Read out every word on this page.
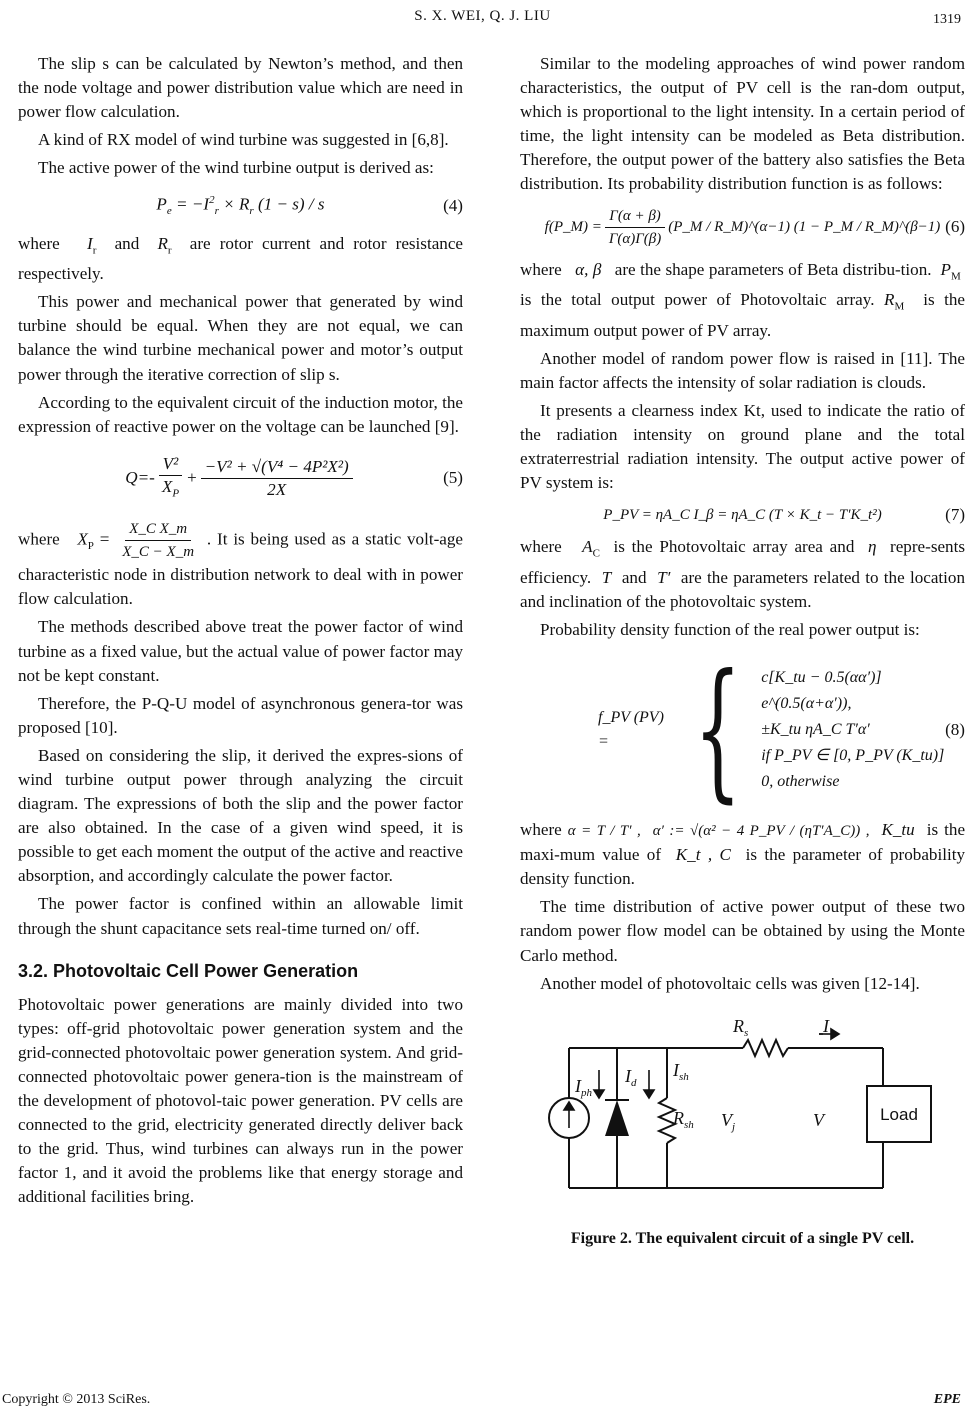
S. X. WEI, Q. J. LIU	1319

The slip s can be calculated by Newton’s method, and then the node voltage and power distribution value which are need in power flow calculation.

A kind of RX model of wind turbine was suggested in [6,8].

The active power of the wind turbine output is derived as:

$P_e = -I^2_r \times R_r$ (1 − s) / s	(4)

where $I_r$ and $R_r$ are rotor current and rotor resistance respectively.

This power and mechanical power that generated by wind turbine should be equal. When they are not equal, we can balance the wind turbine mechanical power and motor’s output power through the iterative correction of slip s.

According to the equivalent circuit of the induction motor, the expression of reactive power on the voltage can be launched [9].

$Q=- \frac{\text{V²}}{X_P} + \frac{\text{−V² + √(V⁴ − 4P²X²)}}{2X}$	(5)

where $X_P = \frac{\text{X\_C X\_m}}{X\_C - X\_m}$ . It is being used as a static volt-age characteristic node in distribution network to deal with in power flow calculation.

The methods described above treat the power factor of wind turbine as a fixed value, but the actual value of power factor may not be kept constant.

Therefore, the P-Q-U model of asynchronous genera-tor was proposed [10].

Based on considering the slip, it derived the expres-sions of wind turbine output power through analyzing the circuit diagram. The expressions of both the slip and the power factor are also obtained. In the case of a given wind speed, it is possible to get each moment the output of the active and reactive absorption, and accordingly calculate the power factor.

The power factor is confined within an allowable limit through the shunt capacitance sets real-time turned on/ off.

3.2. Photovoltaic Cell Power Generation

Photovoltaic power generations are mainly divided into two types: off-grid photovoltaic power generation system and the grid-connected photovoltaic power generation system. And grid-connected photovoltaic power genera-tion is the mainstream of the development of photovol-taic power generation. PV cells are connected to the grid, electricity generated directly deliver back to the grid. Thus, wind turbines can always run in the power factor 1, and it avoid the problems like that energy storage and additional facilities bring.

Similar to the modeling approaches of wind power random characteristics, the output of PV cell is the ran-dom output, which is proportional to the light intensity. In a certain period of time, the light intensity can be modeled as Beta distribution. Therefore, the output power of the battery also satisfies the Beta distribution. Its probability distribution function is as follows:

f(P_M) = $\frac{\Gamma(\alpha + \beta)}{\Gamma(\alpha)\Gamma(\beta)}$ (P_M / R_M)^(α−1)
(1 − P_M / R_M)^(β−1) (6)

where α, β are the shape parameters of Beta distribu-tion. $P_M$  is the total output power of Photovoltaic array. $R_M$ is the maximum output power of PV array.

Another model of random power flow is raised in [11]. The main factor affects the intensity of solar radiation is clouds.

It presents a clearness index Kt, used to indicate the ratio of the radiation intensity on ground plane and the total extraterrestrial radiation intensity. The output active power of PV system is:

P_PV = ηA_C I_β = ηA_C (T × K_t − T′K_t²)	(7)

where $A_C$ is the Photovoltaic array area and η repre-sents efficiency. T and T′ are the parameters related to the location and inclination of the photovoltaic system.

Probability density function of the real power output is:

f_PV (PV) = { c[K_tu − 0.5(αα′)] e^(0.5(α+α′)),
±K_tu ηA_C T′α′
if P_PV ∈ [0, P_PV (K_tu)]
0, otherwise
(8)

where α = T / T′ , α′ := √(α² − 4 P_PV / (ηT′A_C)) , K_tu is the maxi-mum value of K_t , C is the parameter of probability density function.

The time distribution of active power output of these two random power flow model can be obtained by using the Monte Carlo method.

Another model of photovoltaic cells was given [12-14].

$R_s$	I
$I_{ph}$
$I_d$
$I_{sh}$
$R_{sh}$ $V_j$	V	Load
Figure 2. The equivalent circuit of a single PV cell.
Copyright © 2013 SciRes.	EPE
